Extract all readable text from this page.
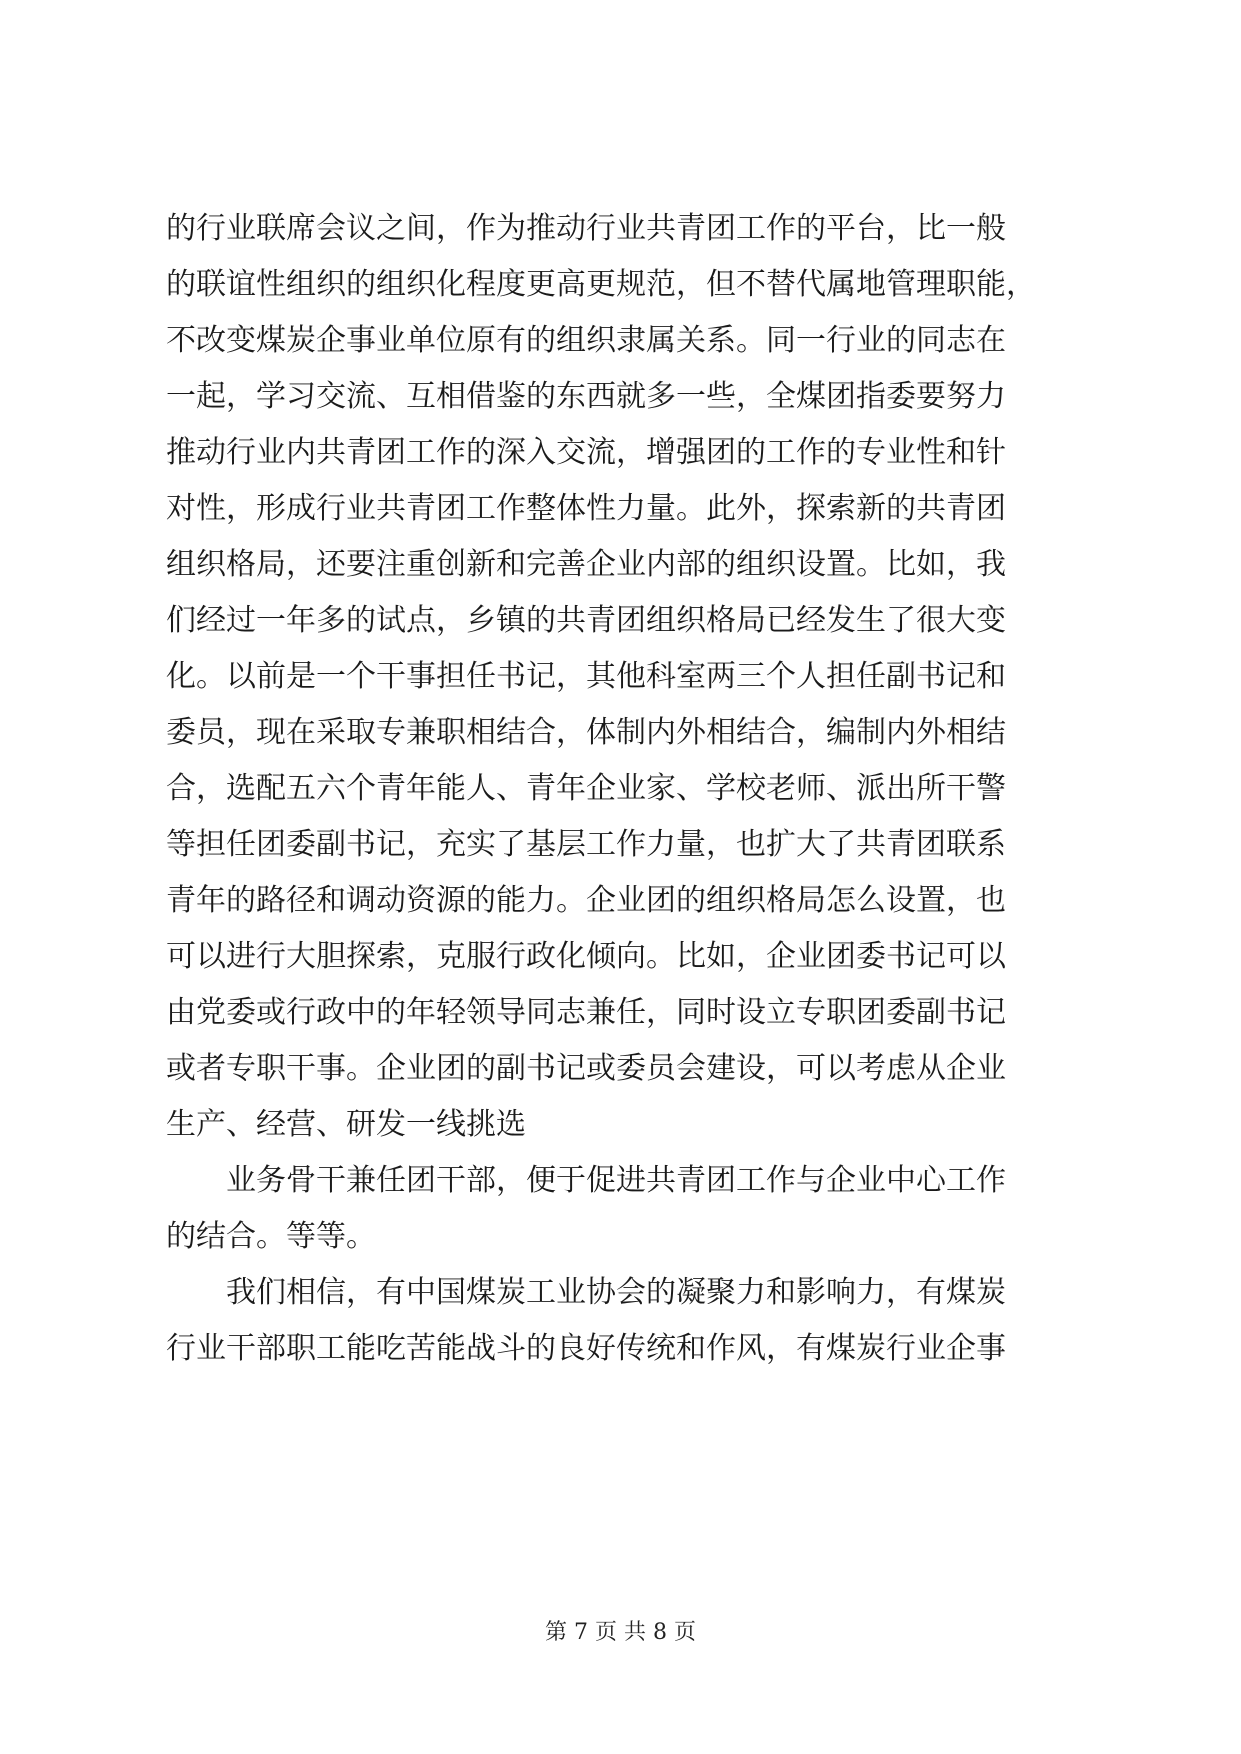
的行业联席会议之间，作为推动行业共青团工作的平台，比一般
的联谊性组织的组织化程度更高更规范，但不替代属地管理职能，
不改变煤炭企事业单位原有的组织隶属关系。同一行业的同志在
一起，学习交流、互相借鉴的东西就多一些，全煤团指委要努力
推动行业内共青团工作的深入交流，增强团的工作的专业性和针
对性，形成行业共青团工作整体性力量。此外，探索新的共青团
组织格局，还要注重创新和完善企业内部的组织设置。比如，我
们经过一年多的试点，乡镇的共青团组织格局已经发生了很大变
化。以前是一个干事担任书记，其他科室两三个人担任副书记和
委员，现在采取专兼职相结合，体制内外相结合，编制内外相结
合，选配五六个青年能人、青年企业家、学校老师、派出所干警
等担任团委副书记，充实了基层工作力量，也扩大了共青团联系
青年的路径和调动资源的能力。企业团的组织格局怎么设置，也
可以进行大胆探索，克服行政化倾向。比如，企业团委书记可以
由党委或行政中的年轻领导同志兼任，同时设立专职团委副书记
或者专职干事。企业团的副书记或委员会建设，可以考虑从企业
生产、经营、研发一线挑选
业务骨干兼任团干部，便于促进共青团工作与企业中心工作
的结合。等等。
我们相信，有中国煤炭工业协会的凝聚力和影响力，有煤炭
行业干部职工能吃苦能战斗的良好传统和作风，有煤炭行业企事
第 7 页 共 8 页
